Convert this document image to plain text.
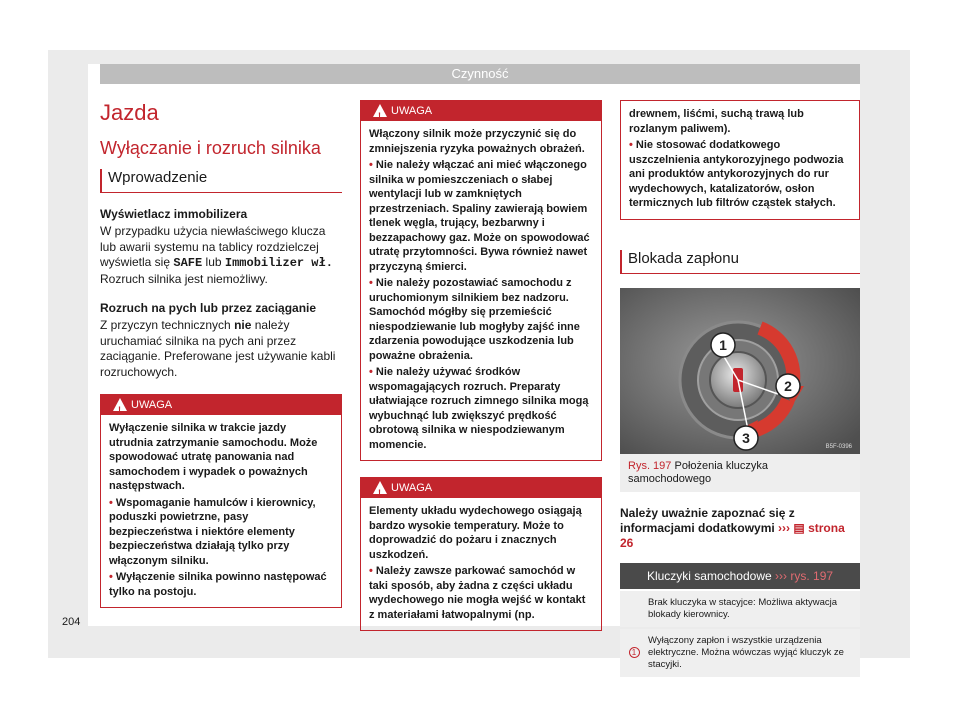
Czynność
Jazda
Wyłączanie i rozruch silnika
Wprowadzenie
Wyświetlacz immobilizera
W przypadku użycia niewłaściwego klucza lub awarii systemu na tablicy rozdzielczej wyświetla się SAFE lub Immobilizer wł. Rozruch silnika jest niemożliwy.
Rozruch na pych lub przez zaciąganie
Z przyczyn technicznych nie należy uruchamiać silnika na pych ani przez zaciąganie. Preferowane jest używanie kabli rozruchowych.
!
UWAGA
Wyłączenie silnika w trakcie jazdy utrudnia zatrzymanie samochodu. Może spowodować utratę panowania nad samochodem i wypadek o poważnych następstwach.
• Wspomaganie hamulców i kierownicy, poduszki powietrzne, pasy bezpieczeństwa i niektóre elementy bezpieczeństwa działają tylko przy włączonym silniku.
• Wyłączenie silnika powinno następować tylko na postoju.
!
UWAGA
Włączony silnik może przyczynić się do zmniejszenia ryzyka poważnych obrażeń.
• Nie należy włączać ani mieć włączonego silnika w pomieszczeniach o słabej wentylacji lub w zamkniętych przestrzeniach. Spaliny zawierają bowiem tlenek węgla, trujący, bezbarwny i bezzapachowy gaz. Może on spowodować utratę przytomności. Bywa również nawet przyczyną śmierci.
• Nie należy pozostawiać samochodu z uruchomionym silnikiem bez nadzoru. Samochód mógłby się przemieścić niespodziewanie lub mogłyby zajść inne zdarzenia powodujące uszkodzenia lub poważne obrażenia.
• Nie należy używać środków wspomagających rozruch. Preparaty ułatwiające rozruch zimnego silnika mogą wybuchnąć lub zwiększyć prędkość obrotową silnika w niespodziewanym momencie.
!
UWAGA
Elementy układu wydechowego osiągają bardzo wysokie temperatury. Może to doprowadzić do pożaru i znacznych uszkodzeń.
• Należy zawsze parkować samochód w taki sposób, aby żadna z części układu wydechowego nie mogła wejść w kontakt z materiałami łatwopalnymi (np.
drewnem, liśćmi, suchą trawą lub rozlanym paliwem).
• Nie stosować dodatkowego uszczelnienia antykorozyjnego podwozia ani produktów antykorozyjnych do rur wydechowych, katalizatorów, osłon termicznych lub filtrów cząstek stałych.
Blokada zapłonu
1
2
3
B5F-0396
Rys. 197 Położenia kluczyka samochodowego
Należy uważnie zapoznać się z informacjami dodatkowymi ››› ▤ strona 26
Kluczyki samochodowe ››› rys. 197
Brak kluczyka w stacyjce: Możliwa aktywacja blokady kierownicy.
1
Wyłączony zapłon i wszystkie urządzenia elektryczne. Można wówczas wyjąć kluczyk ze stacyjki.
204
